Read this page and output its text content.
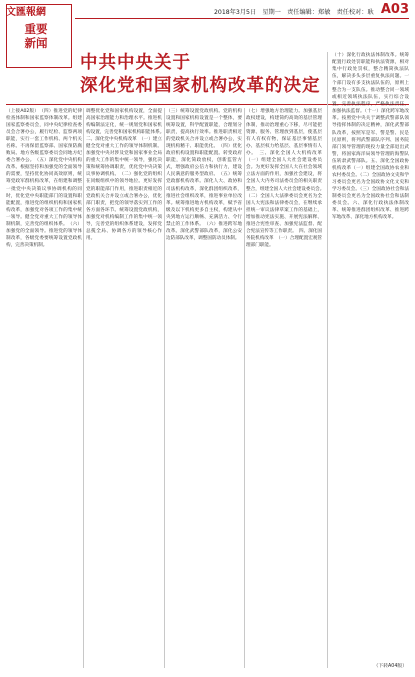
文匯報網
重要
新闻
2018年3月5日　星期一　责任编辑：郑敏　责任校对：耿　 A03
中共中央关于
深化党和国家机构改革的决定
（上接A02版）　（四）推进党的纪律检查体制和国家监察体制改革。组建国家监察委员会，同中央纪律检查委员会合署办公，履行纪检、监察两项职能，实行一套工作机构、两个机关名称。不再保留监察部、国家预防腐败局。地方各级监察委员会同地方纪委合署办公。　（五）深化党中央机构改革。根据坚持和加强党的全面领导的需要，坚持优化协同高效原则，统筹党政军群机构改革，在组建和调整一批党中央决策议事协调机构的同时，优化党中央职能部门的设置和职能配置，推进党的组织机构和国家机构改革，加强党对各项工作的集中统一领导。健全党对重大工作的领导体制机制，完善党的组织体系。　（六）加强党的全面领导。推进党的领导体制改革，各级党委要统筹设置党政机构，完善决策机制。
调整优化党和国家机构设置，全面提高国家治理能力和治理水平。推进机构编制法定化，统一规划党和国家机构设置，完善党和国家机构职能体系。　二、深化党中央机构改革　（一）建立健全党对重大工作的领导体制机制。加强党中央对涉及党和国家事业全局的重大工作的集中统一领导，强化决策和统筹协调职责，优化党中央决策议事协调机构。　（二）强化党的组织在同级组织中的领导地位。更好发挥党的职能部门作用，推进职责相近的党政机关合并设立或合署办公，优化部门职责，把党的领导落实到工作的各方面各环节。统筹设置党政机构，加强党对机构编制工作的集中统一领导，完善党的组织体系建设，发挥党总揽全局、协调各方的领导核心作用。
（三）统筹设置党政机构。党的机构设置和国家机构设置是一个整体，要统筹设置，科学配置职能，合理划分职责，提高执行效率。推进职责相近的党政机关合并设立或合署办公，实现机构精干、职能优化。　（四）优化政府机构设置和职能配置。转变政府职能，深化简政放权，创新监管方式，增强政府公信力和执行力，建设人民满意的服务型政府。　（五）统筹党政群机构改革。深化人大、政协和司法机构改革，深化群团组织改革，推进社会组织改革，推进事业单位改革。统筹推进地方机构改革，赋予省级及以下机构更多自主权，构建从中央到地方运行顺畅、充满活力、令行禁止的工作体系。　（六）推进跨军地改革。深化武警部队改革，深化公安边防部队改革，调整国防动员体制。
（七）增强地方治理能力。加强基层政权建设，构建简约高效的基层管理体制，推动治理重心下移，尽可能把资源、服务、管理放到基层，使基层有人有权有物，保证基层事情基层办、基层权力给基层、基层事情有人办。　三、深化全国人大机构改革　（一）组建全国人大社会建设委员会。为更好发挥全国人大在社会领域立法方面的作用，加强社会建设，将全国人大内务司法委员会的相关职责整合，组建全国人大社会建设委员会。　（二）全国人大法律委员会更名为全国人大宪法和法律委员会，在继续承担统一审议法律草案工作的基础上，增加推动宪法实施、开展宪法解释、推进合宪性审查、加强宪法监督、配合宪法宣传等工作职责。　四、深化国务院机构改革　（一）合理配置宏观管理部门职能。
（十）深化行政执法体制改革。统筹配置行政处罚职能和执法资源，相对集中行政处罚权，整合精简执法队伍，解决多头多层重复执法问题。一个部门设有多支执法队伍的，原则上整合为一支队伍。推动整合同一领域或相近领域执法队伍，实行综合设置。完善执法程序，严格执法责任，加强执法监督。（十一）深化跨军地改革。按照党中央关于调整武警部队领导指挥体制的决定精神，深化武警部队改革，按照军是军、警是警、民是民原则，将列武警部队序列、国务院部门领导管理的现役力量全部退出武警，将国家海洋局领导管理的海警队伍转隶武警部队。五、深化全国政协机构改革（一）组建全国政协农业和农村委员会。（二）全国政协文史和学习委员会更名为全国政协文化文史和学习委员会。（三）全国政协社会和法制委员会更名为全国政协社会和法制委员会。六、深化行政执法体制改革、统筹推进群团组织改革、推进跨军地改革、深化地方机构改革。
（下转A04版）
